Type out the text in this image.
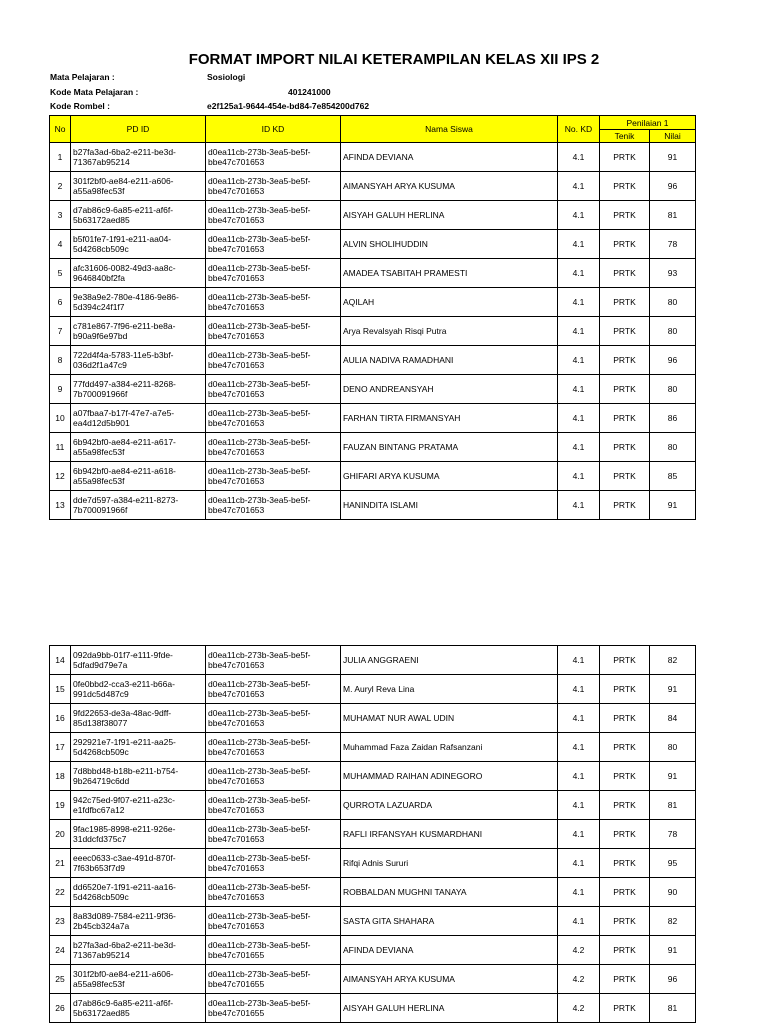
FORMAT IMPORT NILAI KETERAMPILAN KELAS XII IPS 2
Mata Pelajaran :	Sosiologi
Kode Mata Pelajaran :	401241000
Kode Rombel :	e2f125a1-9644-454e-bd84-7e854200d762
No	PD ID	ID KD	Nama Siswa	No. KD	Penilaian 1	
					Tenik	Nilai
1	b27fa3ad-6ba2-e211-be3d-
71367ab95214	d0ea11cb-273b-3ea5-be5f-
bbe47c701653	AFINDA DEVIANA	4.1	PRTK	91
2	301f2bf0-ae84-e211-a606-
a55a98fec53f	d0ea11cb-273b-3ea5-be5f-
bbe47c701653	AIMANSYAH ARYA KUSUMA	4.1	PRTK	96
3	d7ab86c9-6a85-e211-af6f-
5b63172aed85	d0ea11cb-273b-3ea5-be5f-
bbe47c701653	AISYAH GALUH HERLINA	4.1	PRTK	81
4	b5f01fe7-1f91-e211-aa04-
5d4268cb509c	d0ea11cb-273b-3ea5-be5f-
bbe47c701653	ALVIN SHOLIHUDDIN	4.1	PRTK	78
5	afc31606-0082-49d3-aa8c-
9646840bf2fa	d0ea11cb-273b-3ea5-be5f-
bbe47c701653	AMADEA TSABITAH PRAMESTI	4.1	PRTK	93
6	9e38a9e2-780e-4186-9e86-
5d394c24f1f7	d0ea11cb-273b-3ea5-be5f-
bbe47c701653	AQILAH	4.1	PRTK	80
7	c781e867-7f96-e211-be8a-
b90a9f6e97bd	d0ea11cb-273b-3ea5-be5f-
bbe47c701653	Arya Revalsyah Risqi Putra	4.1	PRTK	80
8	722d4f4a-5783-11e5-b3bf-
036d2f1a47c9	d0ea11cb-273b-3ea5-be5f-
bbe47c701653	AULIA NADIVA RAMADHANI	4.1	PRTK	96
9	77fdd497-a384-e211-8268-
7b700091966f	d0ea11cb-273b-3ea5-be5f-
bbe47c701653	DENO ANDREANSYAH	4.1	PRTK	80
10	a07fbaa7-b17f-47e7-a7e5-
ea4d12d5b901	d0ea11cb-273b-3ea5-be5f-
bbe47c701653	FARHAN TIRTA FIRMANSYAH	4.1	PRTK	86
11	6b942bf0-ae84-e211-a617-
a55a98fec53f	d0ea11cb-273b-3ea5-be5f-
bbe47c701653	FAUZAN BINTANG PRATAMA	4.1	PRTK	80
12	6b942bf0-ae84-e211-a618-
a55a98fec53f	d0ea11cb-273b-3ea5-be5f-
bbe47c701653	GHIFARI ARYA KUSUMA	4.1	PRTK	85
13	dde7d597-a384-e211-8273-
7b700091966f	d0ea11cb-273b-3ea5-be5f-
bbe47c701653	HANINDITA ISLAMI	4.1	PRTK	91
14	092da9bb-01f7-e111-9fde-
5dfad9d79e7a	d0ea11cb-273b-3ea5-be5f-
bbe47c701653	JULIA ANGGRAENI	4.1	PRTK	82
15	0fe0bbd2-cca3-e211-b66a-
991dc5d487c9	d0ea11cb-273b-3ea5-be5f-
bbe47c701653	M. Auryl Reva Lina	4.1	PRTK	91
16	9fd22653-de3a-48ac-9dff-
85d138f38077	d0ea11cb-273b-3ea5-be5f-
bbe47c701653	MUHAMAT NUR AWAL UDIN	4.1	PRTK	84
17	292921e7-1f91-e211-aa25-
5d4268cb509c	d0ea11cb-273b-3ea5-be5f-
bbe47c701653	Muhammad Faza Zaidan Rafsanzani	4.1	PRTK	80
18	7d8bbd48-b18b-e211-b754-
9b264719c6dd	d0ea11cb-273b-3ea5-be5f-
bbe47c701653	MUHAMMAD RAIHAN ADINEGORO	4.1	PRTK	91
19	942c75ed-9f07-e211-a23c-
e1fdfbc67a12	d0ea11cb-273b-3ea5-be5f-
bbe47c701653	QURROTA LAZUARDA	4.1	PRTK	81
20	9fac1985-8998-e211-926e-
31ddcfd375c7	d0ea11cb-273b-3ea5-be5f-
bbe47c701653	RAFLI IRFANSYAH KUSMARDHANI	4.1	PRTK	78
21	eeec0633-c3ae-491d-870f-
7f63b653f7d9	d0ea11cb-273b-3ea5-be5f-
bbe47c701653	Rifqi Adnis Sururi	4.1	PRTK	95
22	dd6520e7-1f91-e211-aa16-
5d4268cb509c	d0ea11cb-273b-3ea5-be5f-
bbe47c701653	ROBBALDAN MUGHNI TANAYA	4.1	PRTK	90
23	8a83d089-7584-e211-9f36-
2b45cb324a7a	d0ea11cb-273b-3ea5-be5f-
bbe47c701653	SASTA GITA SHAHARA	4.1	PRTK	82
24	b27fa3ad-6ba2-e211-be3d-
71367ab95214	d0ea11cb-273b-3ea5-be5f-
bbe47c701655	AFINDA DEVIANA	4.2	PRTK	91
25	301f2bf0-ae84-e211-a606-
a55a98fec53f	d0ea11cb-273b-3ea5-be5f-
bbe47c701655	AIMANSYAH ARYA KUSUMA	4.2	PRTK	96
26	d7ab86c9-6a85-e211-af6f-
5b63172aed85	d0ea11cb-273b-3ea5-be5f-
bbe47c701655	AISYAH GALUH HERLINA	4.2	PRTK	81
